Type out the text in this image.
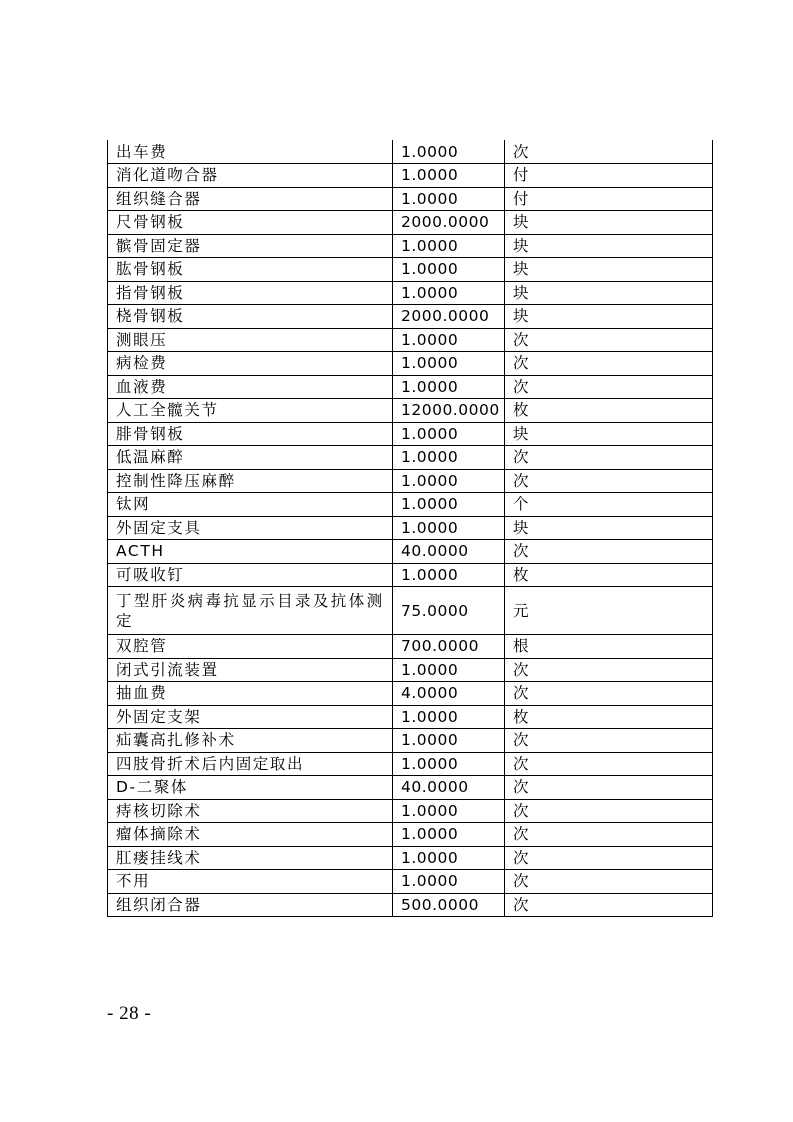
出车费	1.0000	次
消化道吻合器	1.0000	付
组织缝合器	1.0000	付
尺骨钢板	2000.0000	块
髌骨固定器	1.0000	块
肱骨钢板	1.0000	块
指骨钢板	1.0000	块
桡骨钢板	2000.0000	块
测眼压	1.0000	次
病检费	1.0000	次
血液费	1.0000	次
人工全髋关节	12000.0000	枚
腓骨钢板	1.0000	块
低温麻醉	1.0000	次
控制性降压麻醉	1.0000	次
钛网	1.0000	个
外固定支具	1.0000	块
ACTH	40.0000	次
可吸收钉	1.0000	枚
丁型肝炎病毒抗显示目录及抗体测定	75.0000	元
双腔管	700.0000	根
闭式引流装置	1.0000	次
抽血费	4.0000	次
外固定支架	1.0000	枚
疝囊高扎修补术	1.0000	次
四肢骨折术后内固定取出	1.0000	次
D-二聚体	40.0000	次
痔核切除术	1.0000	次
瘤体摘除术	1.0000	次
肛瘘挂线术	1.0000	次
不用	1.0000	次
组织闭合器	500.0000	次
- 28 -
